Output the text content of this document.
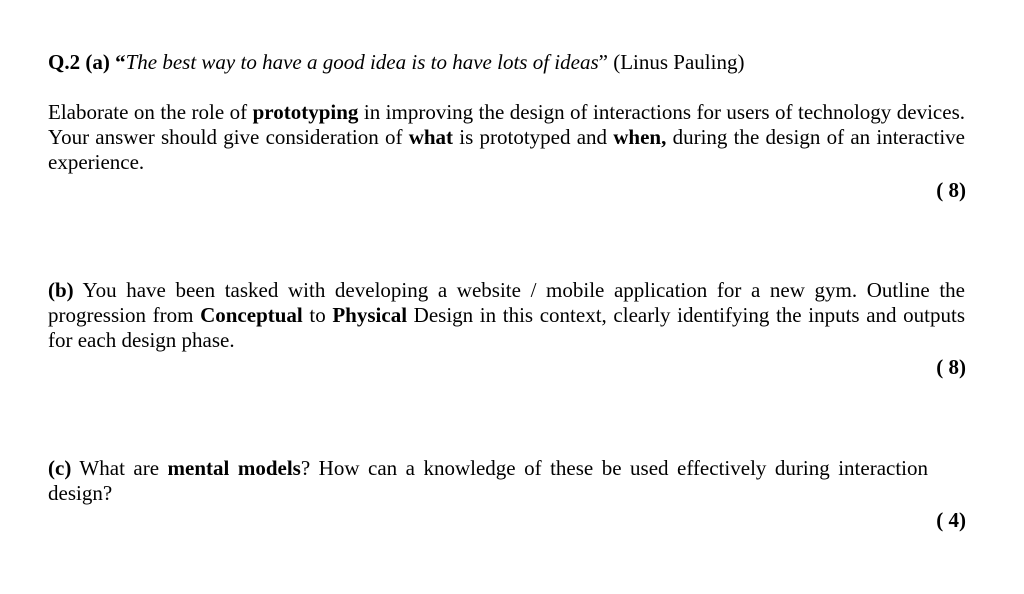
Q.2 (a) “The best way to have a good idea is to have lots of ideas” (Linus Pauling)

Elaborate on the role of prototyping in improving the design of interactions for users of technology devices. Your answer should give consideration of what is prototyped and when, during the design of an interactive experience.

( 8)

(b) You have been tasked with developing a website / mobile application for a new gym. Outline the progression from Conceptual to Physical Design in this context, clearly identifying the inputs and outputs for each design phase.

( 8)

(c) What are mental models? How can a knowledge of these be used effectively during interaction design?

( 4)
